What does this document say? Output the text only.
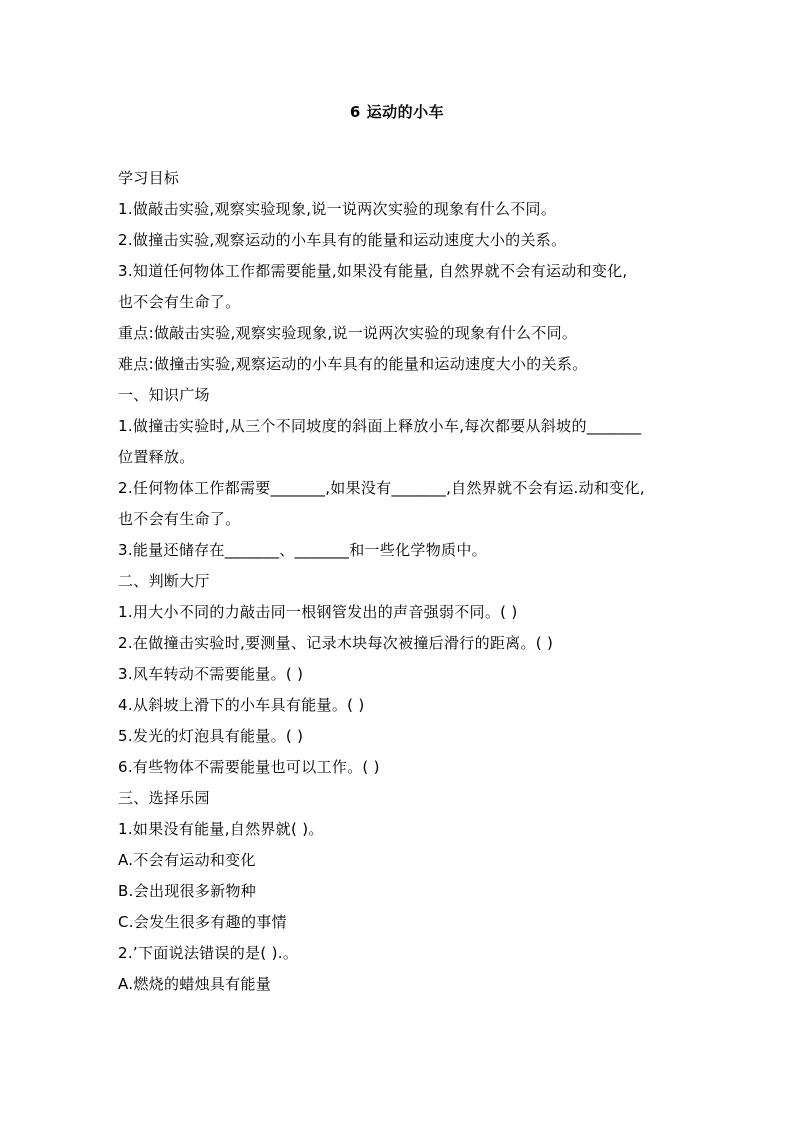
6 运动的小车
学习目标
1.做敲击实验,观察实验现象,说一说两次实验的现象有什么不同。
2.做撞击实验,观察运动的小车具有的能量和运动速度大小的关系。
3.知道任何物体工作都需要能量,如果没有能量, 自然界就不会有运动和变化,
也不会有生命了。
重点:做敲击实验,观察实验现象,说一说两次实验的现象有什么不同。
难点:做撞击实验,观察运动的小车具有的能量和运动速度大小的关系。
一、知识广场
1.做撞击实验时,从三个不同坡度的斜面上释放小车,每次都要从斜坡的_______
位置释放。
2.任何物体工作都需要_______,如果没有_______,自然界就不会有运.动和变化,
也不会有生命了。
3.能量还储存在_______、_______和一些化学物质中。
二、判断大厅
1.用大小不同的力敲击同一根钢管发出的声音强弱不同。( )
2.在做撞击实验时,要测量、记录木块每次被撞后滑行的距离。( )
3.风车转动不需要能量。( )
4.从斜坡上滑下的小车具有能量。( )
5.发光的灯泡具有能量。( )
6.有些物体不需要能量也可以工作。( )
三、选择乐园
1.如果没有能量,自然界就( )。
A.不会有运动和变化
B.会出现很多新物种
C.会发生很多有趣的事情
2.’下面说法错误的是( ).。
A.燃烧的蜡烛具有能量
